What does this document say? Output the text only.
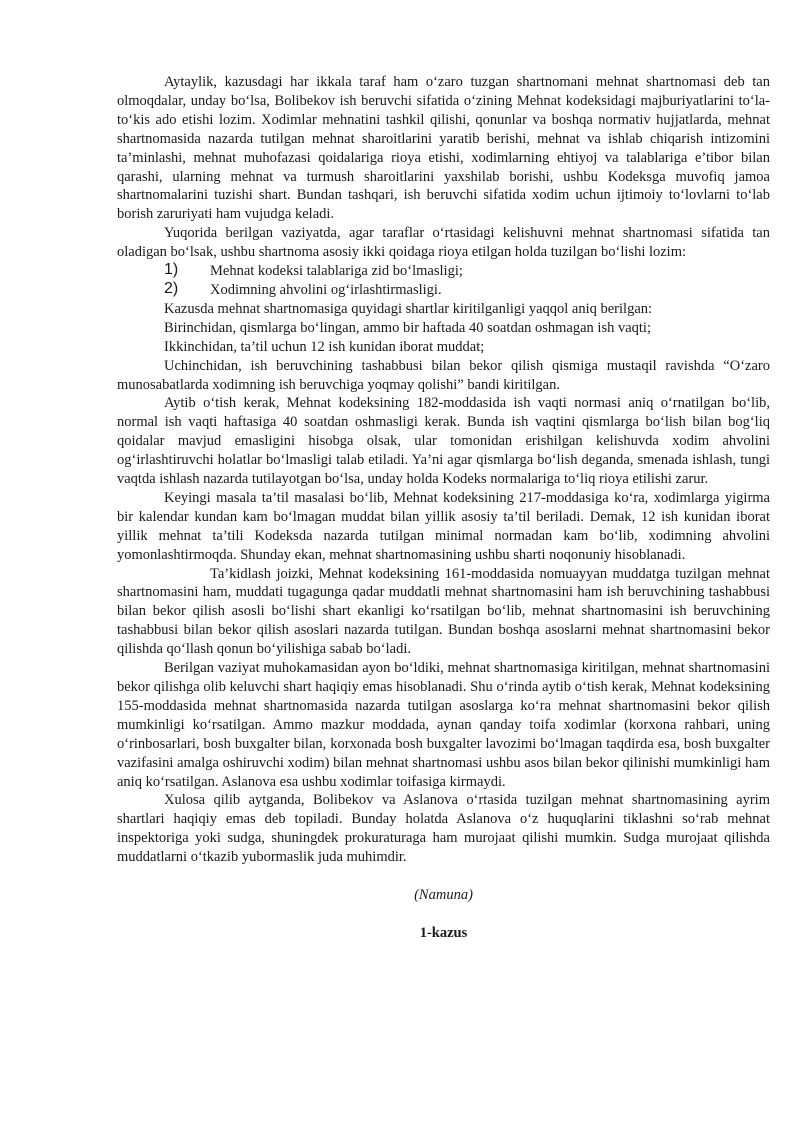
Aytaylik, kazusdagi har ikkala taraf ham o‘zaro tuzgan shartnomani mehnat shartnomasi deb tan olmoqdalar, unday bo‘lsa, Bolibekov ish beruvchi sifatida o‘zining Mehnat kodeksidagi majburiyatlarini to‘la-to‘kis ado etishi lozim. Xodimlar mehnatini tashkil qilishi, qonunlar va boshqa normativ hujjatlarda, mehnat shartnomasida nazarda tutilgan mehnat sharoitlarini yaratib berishi, mehnat va ishlab chiqarish intizomini ta’minlashi, mehnat muhofazasi qoidalariga rioya etishi, xodimlarning ehtiyoj va talablariga e’tibor bilan qarashi, ularning mehnat va turmush sharoitlarini yaxshilab borishi, ushbu Kodeksga muvofiq jamoa shartnomalarini tuzishi shart. Bundan tashqari, ish beruvchi sifatida xodim uchun ijtimoiy to‘lovlarni to‘lab borish zaruriyati ham vujudga keladi.

Yuqorida berilgan vaziyatda, agar taraflar o‘rtasidagi kelishuvni mehnat shartnomasi sifatida tan oladigan bo‘lsak, ushbu shartnoma asosiy ikki qoidaga rioya etilgan holda tuzilgan bo‘lishi lozim:

1) Mehnat kodeksi talablariga zid bo‘lmasligi;

2) Xodimning ahvolini og‘irlashtirmasligi.

Kazusda mehnat shartnomasiga quyidagi shartlar kiritilganligi yaqqol aniq berilgan:

Birinchidan, qismlarga bo‘lingan, ammo bir haftada 40 soatdan oshmagan ish vaqti;

Ikkinchidan, ta’til uchun 12 ish kunidan iborat muddat;

Uchinchidan, ish beruvchining tashabbusi bilan bekor qilish qismiga mustaqil ravishda “O‘zaro munosabatlarda xodimning ish beruvchiga yoqmay qolishi” bandi kiritilgan.

Aytib o‘tish kerak, Mehnat kodeksining 182-moddasida ish vaqti normasi aniq o‘rnatilgan bo‘lib, normal ish vaqti haftasiga 40 soatdan oshmasligi kerak. Bunda ish vaqtini qismlarga bo‘lish bilan bog‘liq qoidalar mavjud emasligini hisobga olsak, ular tomonidan erishilgan kelishuvda xodim ahvolini og‘irlashtiruvchi holatlar bo‘lmasligi talab etiladi. Ya’ni agar qismlarga bo‘lish deganda, smenada ishlash, tungi vaqtda ishlash nazarda tutilayotgan bo‘lsa, unday holda Kodeks normalariga to‘liq rioya etilishi zarur.

Keyingi masala ta’til masalasi bo‘lib, Mehnat kodeksining 217-moddasiga ko‘ra, xodimlarga yigirma bir kalendar kundan kam bo‘lmagan muddat bilan yillik asosiy ta’til beriladi. Demak, 12 ish kunidan iborat yillik mehnat ta’tili Kodeksda nazarda tutilgan minimal normadan kam bo‘lib, xodimning ahvolini yomonlashtirmoqda. Shunday ekan, mehnat shartnomasining ushbu sharti noqonuniy hisoblanadi.

Ta’kidlash joizki, Mehnat kodeksining 161-moddasida nomuayyan muddatga tuzilgan mehnat shartnomasini ham, muddati tugagunga qadar muddatli mehnat shartnomasini ham ish beruvchining tashabbusi bilan bekor qilish asosli bo‘lishi shart ekanligi ko‘rsatilgan bo‘lib, mehnat shartnomasini ish beruvchining tashabbusi bilan bekor qilish asoslari nazarda tutilgan. Bundan boshqa asoslarni mehnat shartnomasini bekor qilishda qo‘llash qonun bo‘yilishiga sabab bo‘ladi.

Berilgan vaziyat muhokamasidan ayon bo‘ldiki, mehnat shartnomasiga kiritilgan, mehnat shartnomasini bekor qilishga olib keluvchi shart haqiqiy emas hisoblanadi. Shu o‘rinda aytib o‘tish kerak, Mehnat kodeksining 155-moddasida mehnat shartnomasida nazarda tutilgan asoslarga ko‘ra mehnat shartnomasini bekor qilish mumkinligi ko‘rsatilgan. Ammo mazkur moddada, aynan qanday toifa xodimlar (korxona rahbari, uning o‘rinbosarlari, bosh buxgalter bilan, korxonada bosh buxgalter lavozimi bo‘lmagan taqdirda esa, bosh buxgalter vazifasini amalga oshiruvchi xodim) bilan mehnat shartnomasi ushbu asos bilan bekor qilinishi mumkinligi ham aniq ko‘rsatilgan. Aslanova esa ushbu xodimlar toifasiga kirmaydi.

Xulosa qilib aytganda, Bolibekov va Aslanova o‘rtasida tuzilgan mehnat shartnomasining ayrim shartlari haqiqiy emas deb topiladi. Bunday holatda Aslanova o‘z huquqlarini tiklashni so‘rab mehnat inspektoriga yoki sudga, shuningdek prokuraturaga ham murojaat qilishi mumkin. Sudga murojaat qilishda muddatlarni o‘tkazib yubormaslik juda muhimdir.

(Namuna)

1-kazus
